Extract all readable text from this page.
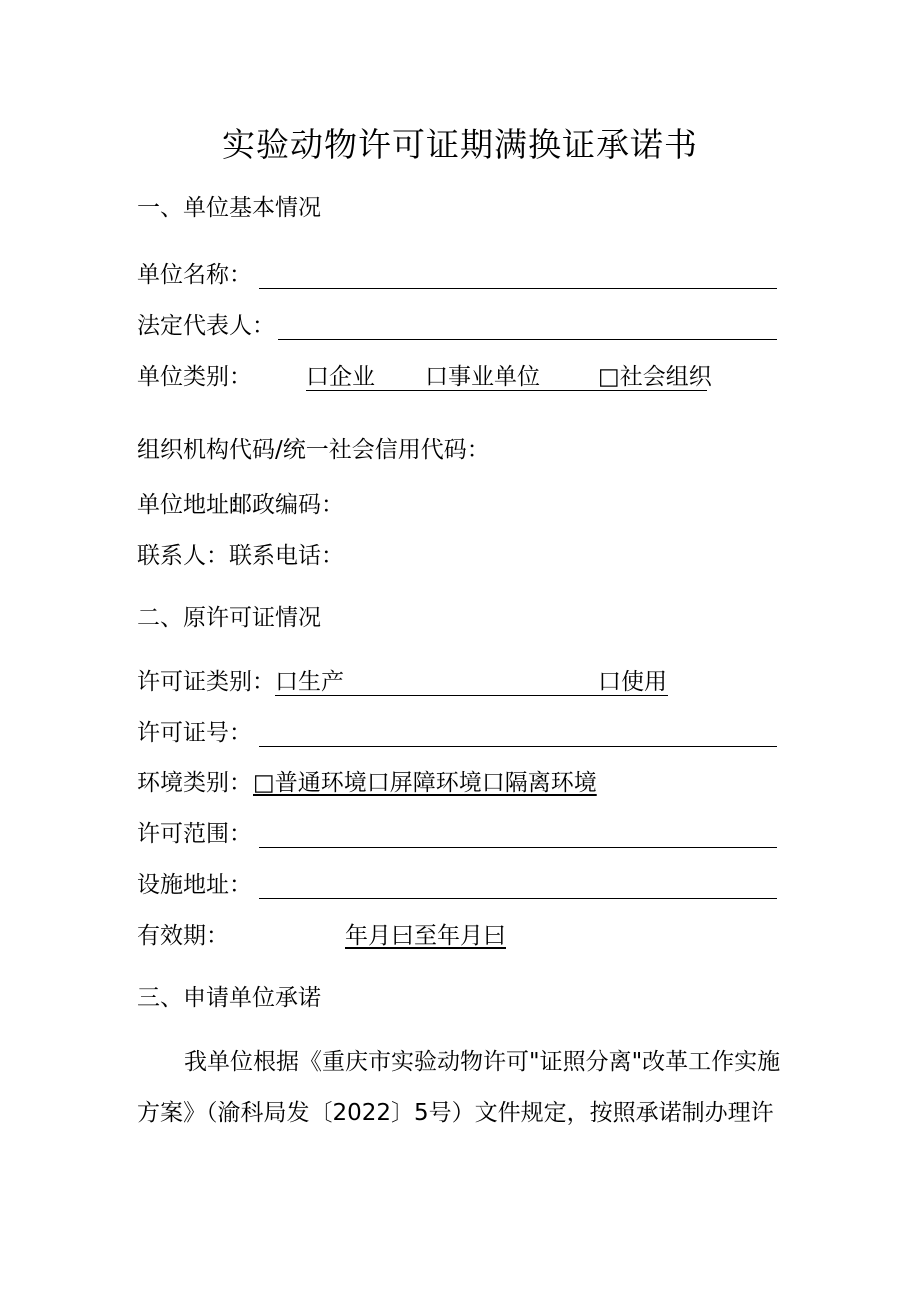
实验动物许可证期满换证承诺书
一、单位基本情况
单位名称：
法定代表人：
单位类别： 口企业 口事业单位	□社会组织
组织机构代码/统一社会信用代码：
单位地址：
邮政编码：
联系人： 联系电话：
二、原许可证情况
许可证类别： 口生产	口使用
许可证号：
环境类别： □普通环境口屏障环境口隔离环境
许可范围：
设施地址：
有效期：	年月曰至年月曰
三、申请单位承诺
我单位根据《重庆市实验动物许可"证照分离"改革工作实施
方案》（渝科局发〔2022〕5号）文件规定，按照承诺制办理许
